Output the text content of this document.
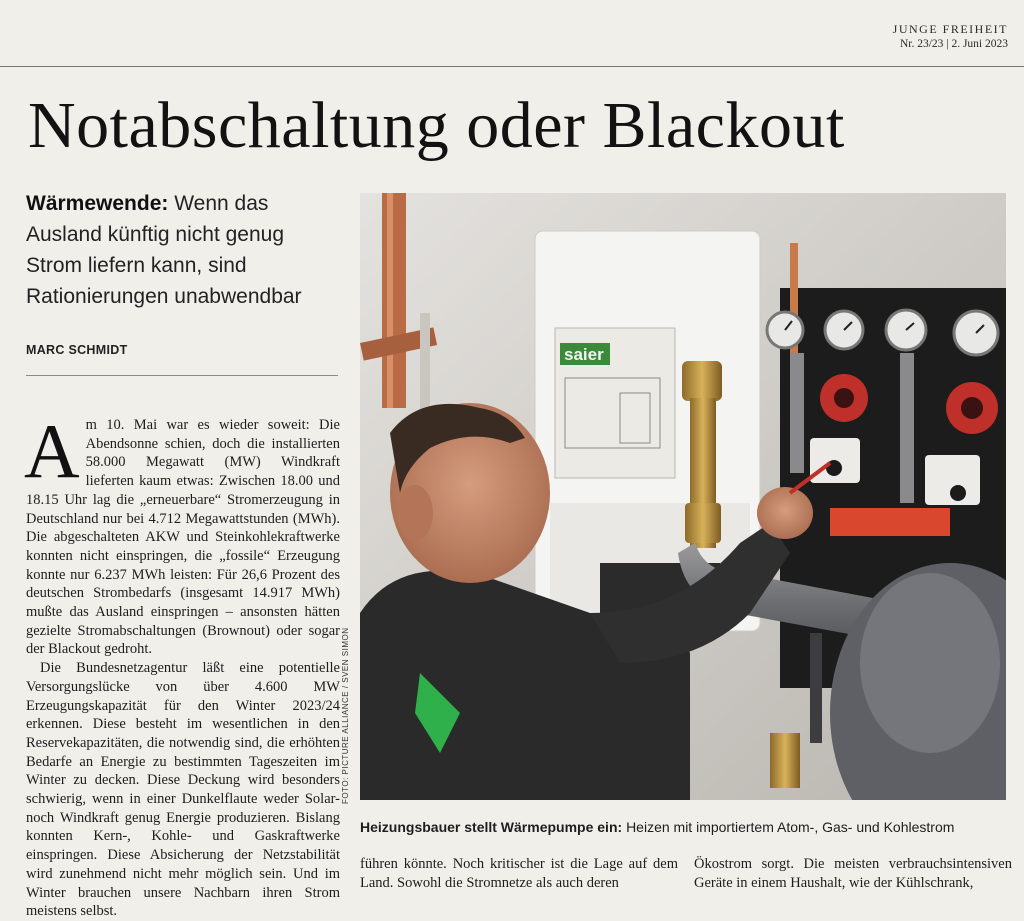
JUNGE FREIHEIT
Nr. 23/23 | 2. Juni 2023
Notabschaltung oder Blackout
Wärmewende: Wenn das Ausland künftig nicht genug Strom liefern kann, sind Rationierungen unabwendbar
MARC SCHMIDT

Am 10. Mai war es wieder soweit: Die Abendsonne schien, doch die installierten 58.000 Megawatt (MW) Windkraft lieferten kaum etwas: Zwischen 18.00 und 18.15 Uhr lag die „erneuerbare“ Stromerzeugung in Deutschland nur bei 4.712 Megawattstunden (MWh). Die abgeschalteten AKW und Steinkohlekraftwerke konnten nicht einspringen, die „fossile“ Erzeugung konnte nur 6.237 MWh leisten: Für 26,6 Prozent des deutschen Strombedarfs (insgesamt 14.917 MWh) mußte das Ausland einspringen – ansonsten hätten gezielte Stromabschaltungen (Brownout) oder sogar der Blackout gedroht.

Die Bundesnetzagentur läßt eine potentielle Versorgungslücke von über 4.600 MW Erzeugungskapazität für den Winter 2023/24 erkennen. Diese besteht im wesentlichen in den Reservekapazitäten, die notwendig sind, die erhöhten Bedarfe an Energie zu bestimmten Tageszeiten im Winter zu decken. Diese Deckung wird besonders schwierig, wenn in einer Dunkelflaute weder Solar- noch Windkraft genug Energie produzieren. Bislang konnten Kern-, Kohle- und Gaskraftwerke einspringen. Diese Absicherung der Netzstabilität wird zunehmend nicht mehr möglich sein. Und im Winter brauchen unsere Nachbarn ihren Strom meistens selbst.

saier
FOTO: PICTURE ALLIANCE / SVEN SIMON
Heizungsbauer stellt Wärmepumpe ein: Heizen mit importiertem Atom-, Gas- und Kohlestrom

führen könnte. Noch kritischer ist die Lage auf dem Land. Sowohl die Stromnetze als auch deren

Ökostrom sorgt. Die meisten verbrauchsintensiven Geräte in einem Haushalt, wie der Kühlschrank,
